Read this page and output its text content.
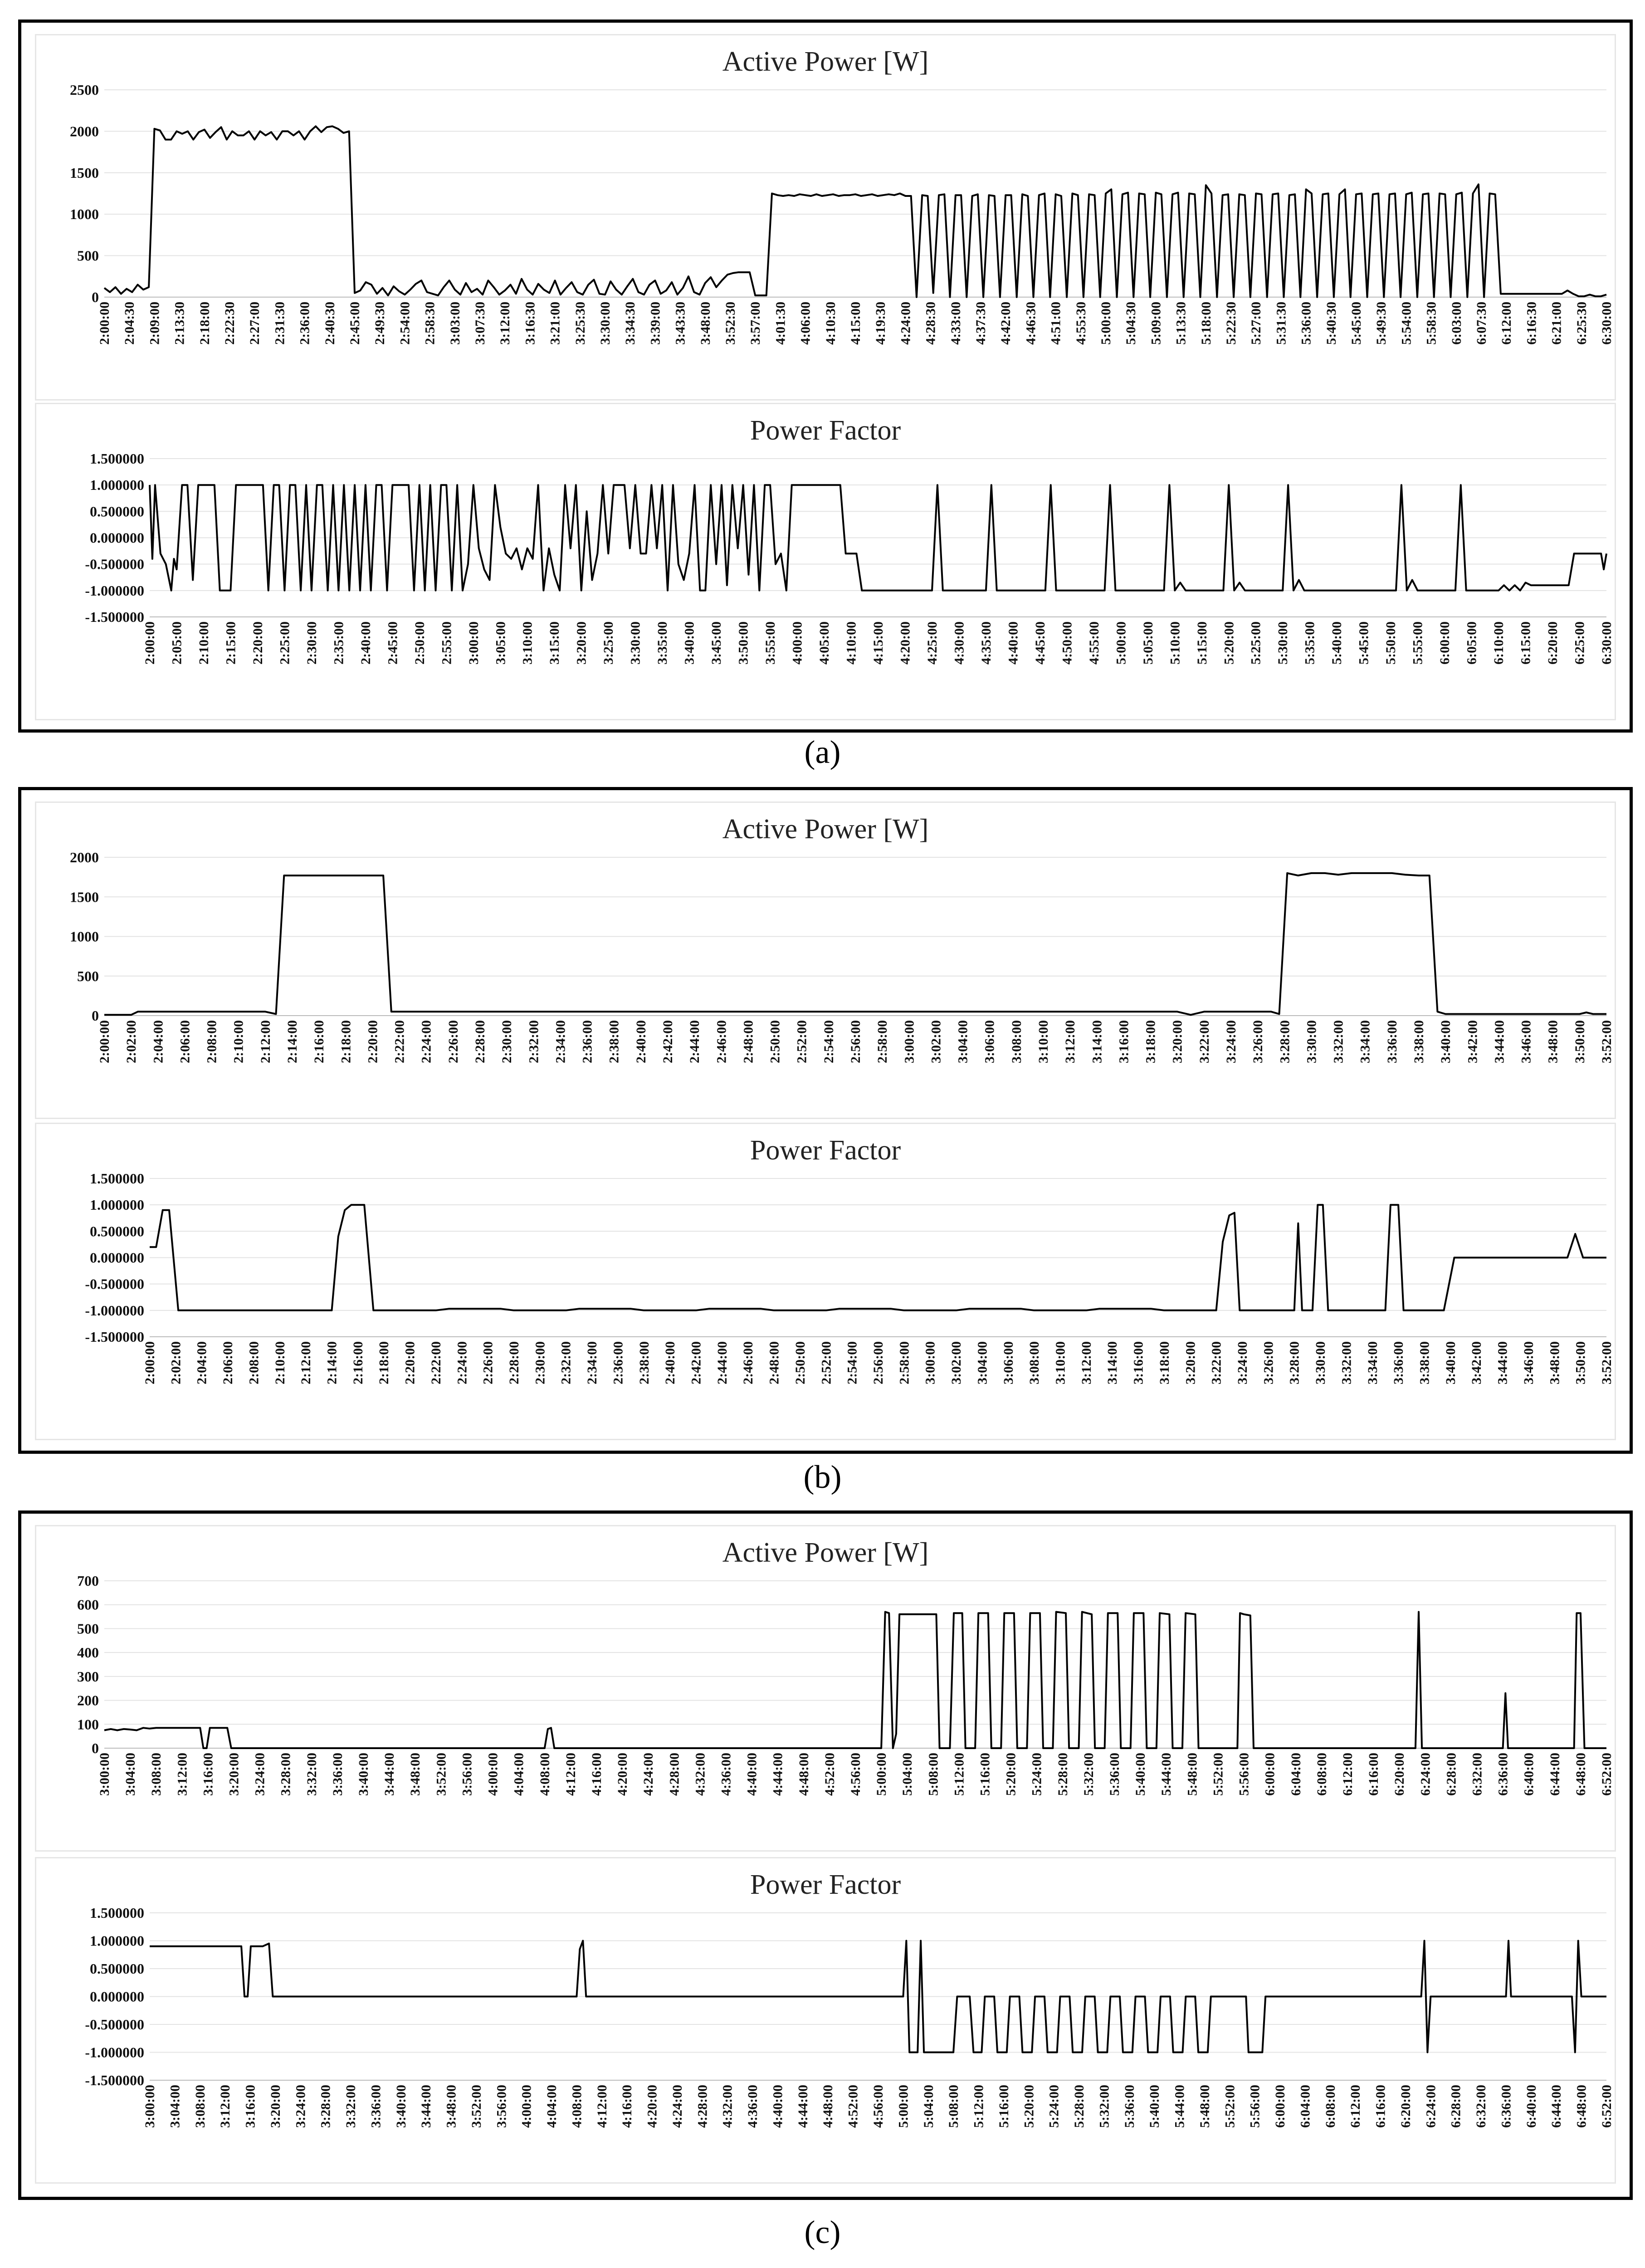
Active Power [W]
0
500
1000
1500
2000
2500
2:00:00 2:04:30 2:09:00 2:13:30 2:18:00 2:22:30 2:27:00 2:31:30 2:36:00 2:40:30 2:45:00 2:49:30 2:54:00 2:58:30 3:03:00 3:07:30 3:12:00 3:16:30 3:21:00 3:25:30 3:30:00 3:34:30 3:39:00 3:43:30 3:48:00 3:52:30 3:57:00 4:01:30 4:06:00 4:10:30 4:15:00 4:19:30 4:24:00 4:28:30 4:33:00 4:37:30 4:42:00 4:46:30 4:51:00 4:55:30 5:00:00 5:04:30 5:09:00 5:13:30 5:18:00 5:22:30 5:27:00 5:31:30 5:36:00 5:40:30 5:45:00 5:49:30 5:54:00 5:58:30 6:03:00 6:07:30 6:12:00 6:16:30 6:21:00 6:25:30 6:30:00
Power Factor
-1.500000
-1.000000
-0.500000
0.000000
0.500000
1.000000
1.500000
2:00:00 2:05:00 2:10:00 2:15:00 2:20:00 2:25:00 2:30:00 2:35:00 2:40:00 2:45:00 2:50:00 2:55:00 3:00:00 3:05:00 3:10:00 3:15:00 3:20:00 3:25:00 3:30:00 3:35:00 3:40:00 3:45:00 3:50:00 3:55:00 4:00:00 4:05:00 4:10:00 4:15:00 4:20:00 4:25:00 4:30:00 4:35:00 4:40:00 4:45:00 4:50:00 4:55:00 5:00:00 5:05:00 5:10:00 5:15:00 5:20:00 5:25:00 5:30:00 5:35:00 5:40:00 5:45:00 5:50:00 5:55:00 6:00:00 6:05:00 6:10:00 6:15:00 6:20:00 6:25:00 6:30:00
(a)
Active Power [W]
0
500
1000
1500
2000
2:00:00 2:02:00 2:04:00 2:06:00 2:08:00 2:10:00 2:12:00 2:14:00 2:16:00 2:18:00 2:20:00 2:22:00 2:24:00 2:26:00 2:28:00 2:30:00 2:32:00 2:34:00 2:36:00 2:38:00 2:40:00 2:42:00 2:44:00 2:46:00 2:48:00 2:50:00 2:52:00 2:54:00 2:56:00 2:58:00 3:00:00 3:02:00 3:04:00 3:06:00 3:08:00 3:10:00 3:12:00 3:14:00 3:16:00 3:18:00 3:20:00 3:22:00 3:24:00 3:26:00 3:28:00 3:30:00 3:32:00 3:34:00 3:36:00 3:38:00 3:40:00 3:42:00 3:44:00 3:46:00 3:48:00 3:50:00 3:52:00
Power Factor
-1.500000
-1.000000
-0.500000
0.000000
0.500000
1.000000
1.500000
2:00:00 2:02:00 2:04:00 2:06:00 2:08:00 2:10:00 2:12:00 2:14:00 2:16:00 2:18:00 2:20:00 2:22:00 2:24:00 2:26:00 2:28:00 2:30:00 2:32:00 2:34:00 2:36:00 2:38:00 2:40:00 2:42:00 2:44:00 2:46:00 2:48:00 2:50:00 2:52:00 2:54:00 2:56:00 2:58:00 3:00:00 3:02:00 3:04:00 3:06:00 3:08:00 3:10:00 3:12:00 3:14:00 3:16:00 3:18:00 3:20:00 3:22:00 3:24:00 3:26:00 3:28:00 3:30:00 3:32:00 3:34:00 3:36:00 3:38:00 3:40:00 3:42:00 3:44:00 3:46:00 3:48:00 3:50:00 3:52:00
(b)
Active Power [W]
0
100
200
300
400
500
600
700
3:00:00 3:04:00 3:08:00 3:12:00 3:16:00 3:20:00 3:24:00 3:28:00 3:32:00 3:36:00 3:40:00 3:44:00 3:48:00 3:52:00 3:56:00 4:00:00 4:04:00 4:08:00 4:12:00 4:16:00 4:20:00 4:24:00 4:28:00 4:32:00 4:36:00 4:40:00 4:44:00 4:48:00 4:52:00 4:56:00 5:00:00 5:04:00 5:08:00 5:12:00 5:16:00 5:20:00 5:24:00 5:28:00 5:32:00 5:36:00 5:40:00 5:44:00 5:48:00 5:52:00 5:56:00 6:00:00 6:04:00 6:08:00 6:12:00 6:16:00 6:20:00 6:24:00 6:28:00 6:32:00 6:36:00 6:40:00 6:44:00 6:48:00 6:52:00
Power Factor
-1.500000
-1.000000
-0.500000
0.000000
0.500000
1.000000
1.500000
3:00:00 3:04:00 3:08:00 3:12:00 3:16:00 3:20:00 3:24:00 3:28:00 3:32:00 3:36:00 3:40:00 3:44:00 3:48:00 3:52:00 3:56:00 4:00:00 4:04:00 4:08:00 4:12:00 4:16:00 4:20:00 4:24:00 4:28:00 4:32:00 4:36:00 4:40:00 4:44:00 4:48:00 4:52:00 4:56:00 5:00:00 5:04:00 5:08:00 5:12:00 5:16:00 5:20:00 5:24:00 5:28:00 5:32:00 5:36:00 5:40:00 5:44:00 5:48:00 5:52:00 5:56:00 6:00:00 6:04:00 6:08:00 6:12:00 6:16:00 6:20:00 6:24:00 6:28:00 6:32:00 6:36:00 6:40:00 6:44:00 6:48:00 6:52:00
(c)
